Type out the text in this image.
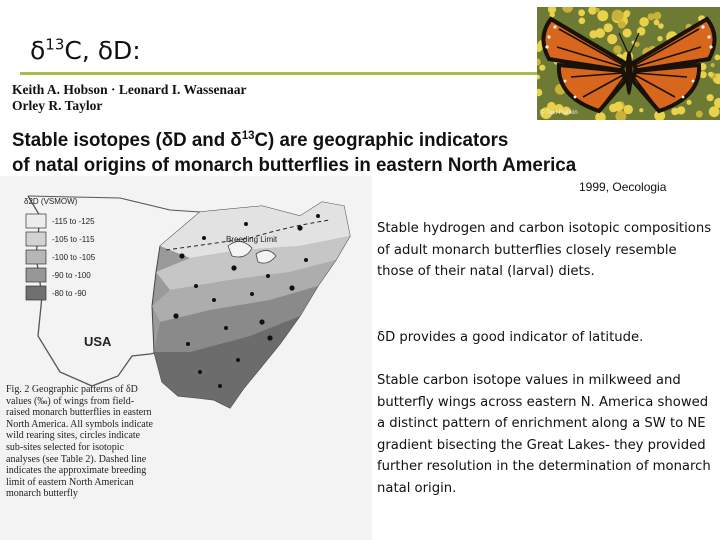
$\delta^{13}C$, δD:
© Tom Rankin
Keith A. Hobson · Leonard I. Wassenaar
Orley R. Taylor
Stable isotopes (δD and $\delta^{13}C$) are geographic indicators
of natal origins of monarch butterflies in eastern North America
1999, Oecologia
Breeding Limit
δ2D (VSMOW)
-115 to -125
-105 to -115
-100 to -105
-90 to -100
-80 to -90
USA
Fig. 2 Geographic patterns of δD values (‰) of wings from field-raised monarch butterflies in eastern North America. All symbols indicate wild rearing sites, circles indicate sub-sites selected for isotopic analyses (see Table 2). Dashed line indicates the approximate breeding limit of eastern North American monarch butterfly
Stable hydrogen and carbon isotopic compositions of adult monarch butterflies closely resemble those of their natal (larval) diets.
δD provides a good indicator of latitude.
Stable carbon isotope values in milkweed and butterfly wings across eastern N. America showed a distinct pattern of enrichment along a SW to NE gradient bisecting the Great Lakes- they provided further resolution in the determination of monarch natal origin.
